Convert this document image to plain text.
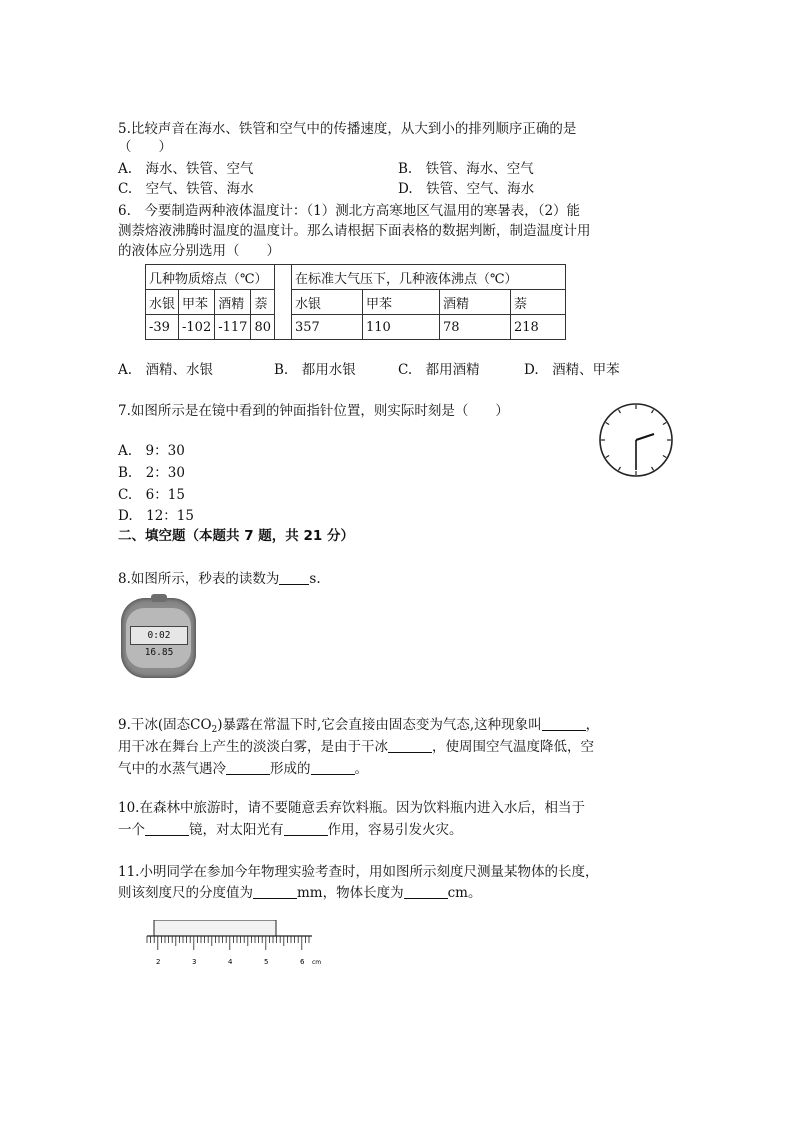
5.比较声音在海水、铁管和空气中的传播速度，从大到小的排列顺序正确的是
（　　）
A.　海水、铁管、空气	B.　铁管、海水、空气
C.　空气、铁管、海水	D.　铁管、空气、海水
6.　今要制造两种液体温度计：（1）测北方高寒地区气温用的寒暑表，（2）能
测萘熔液沸腾时温度的温度计。那么请根据下面表格的数据判断，制造温度计用
的液体应分别选用（　　）
几种物质熔点（℃）					在标准大气压下，几种液体沸点（℃）			
水银	甲苯	酒精	萘		水银	甲苯	酒精	萘
-39	-102	-117	80		357	110	78	218
A.　酒精、水银	B.　都用水银	C.　都用酒精	D.　酒精、甲苯
7.如图所示是在镜中看到的钟面指针位置，则实际时刻是（　　）
A.　9：30
B.　2：30
C.　6：15
D.　12：15
二、填空题（本题共 7 题，共 21 分）
8.如图所示，秒表的读数为 s.
0:02 16.85
9.干冰(固态$CO_2$)暴露在常温下时,它会直接由固态变为气态,这种现象叫	，
用干冰在舞台上产生的淡淡白雾，是由于干冰	，使周围空气温度降低，空
气中的水蒸气遇冷	形成的	。
10.在森林中旅游时，请不要随意丢弃饮料瓶。因为饮料瓶内进入水后，相当于
一个	镜，对太阳光有	作用，容易引发火灾。
11.小明同学在参加今年物理实验考查时，用如图所示刻度尺测量某物体的长度，
则该刻度尺的分度值为	mm，物体长度为	cm。
2	3	4	5	6 cm
